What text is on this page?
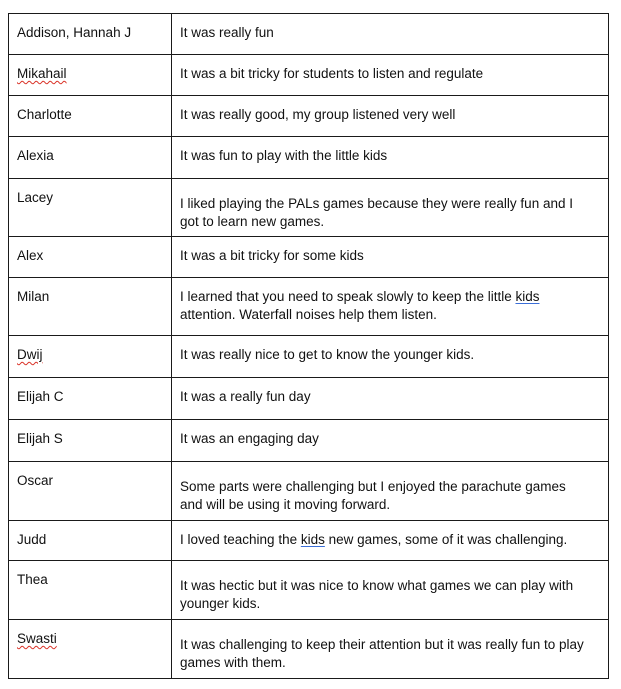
Addison, Hannah J	It was really fun
Mikahail	It was a bit tricky for students to listen and regulate
Charlotte	It was really good, my group listened very well
Alexia	It was fun to play with the little kids
Lacey	I liked playing the PALs games because they were really fun and I
got to learn new games.

Alex	It was a bit tricky for some kids
Milan	I learned that you need to speak slowly to keep the little kids
attention. Waterfall noises help them listen.

Dwij	It was really nice to get to know the younger kids.
Elijah C	It was a really fun day
Elijah S	It was an engaging day
Oscar	Some parts were challenging but I enjoyed the parachute games
and will be using it moving forward.

Judd	I loved teaching the kids new games, some of it was challenging.
Thea	It was hectic but it was nice to know what games we can play with
younger kids.

Swasti	It was challenging to keep their attention but it was really fun to play
games with them.
